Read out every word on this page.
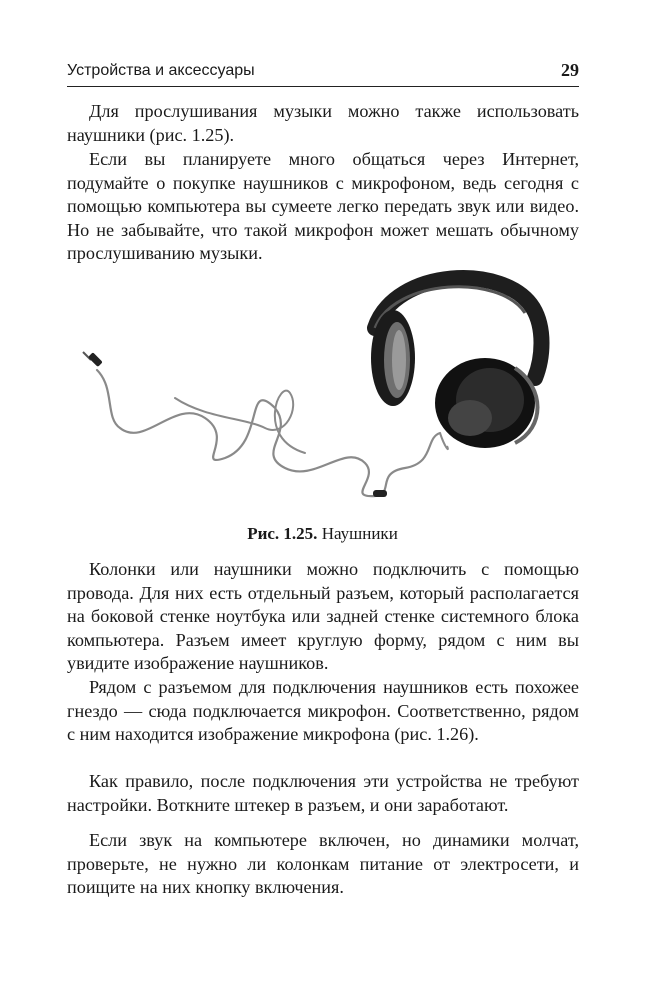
Устройства и аксессуары	29

Для прослушивания музыки можно также использовать наушники (рис. 1.25).

Если вы планируете много общаться через Интернет, подумайте о покупке наушников с микрофоном, ведь сегодня с помощью компьютера вы сумеете легко передать звук или видео. Но не забывайте, что такой микрофон может мешать обычному прослушиванию музыки.

Рис. 1.25. Наушники

Колонки или наушники можно подключить с помощью провода. Для них есть отдельный разъем, который располагается на боковой стенке ноутбука или задней стенке системного блока компьютера. Разъем имеет круглую форму, рядом с ним вы увидите изображение наушников.

Рядом с разъемом для подключения наушников есть похожее гнездо — сюда подключается микрофон. Соответственно, рядом с ним находится изображение микрофона (рис. 1.26).

Как правило, после подключения эти устройства не требуют настройки. Воткните штекер в разъем, и они заработают.

Если звук на компьютере включен, но динамики молчат, проверьте, не нужно ли колонкам питание от электросети, и поищите на них кнопку включения.
